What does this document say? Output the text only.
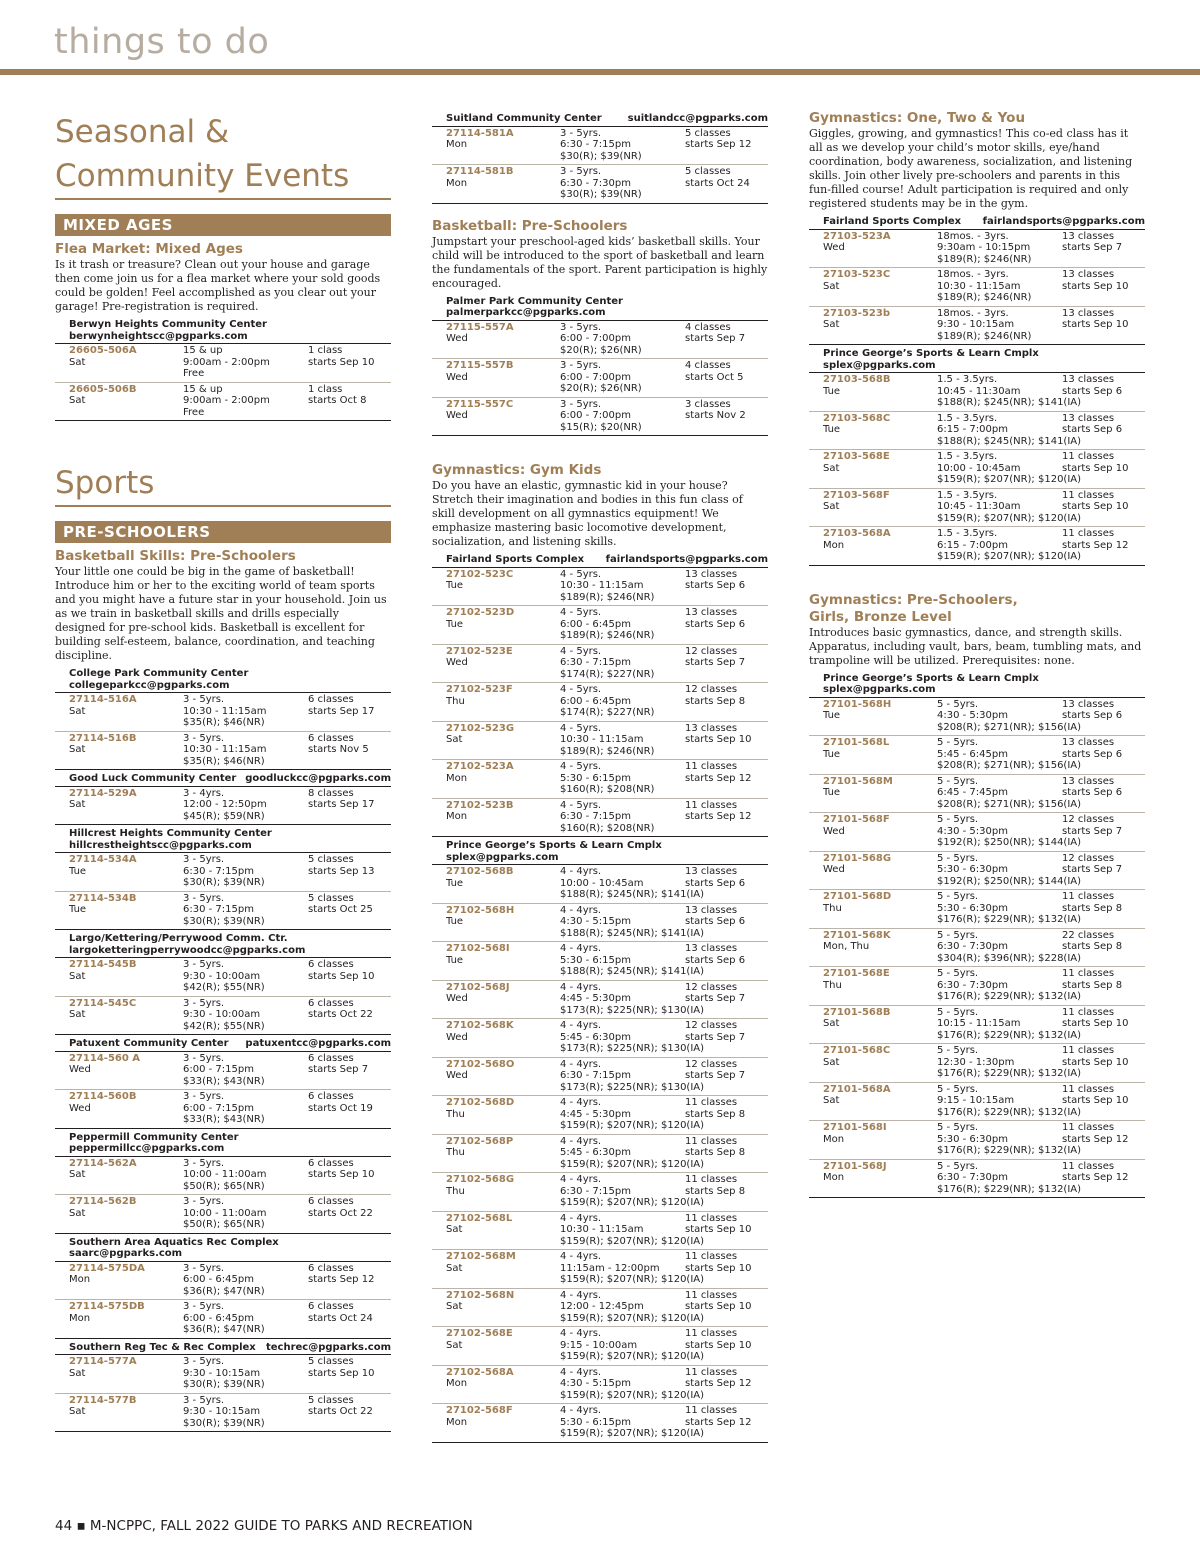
things to do
Seasonal &
Community Events
MIXED AGES
Flea Market: Mixed Ages

Is it trash or treasure? Clean out your house and garage then come join us for a flea market where your sold goods could be golden! Feel accomplished as you clear out your garage! Pre-registration is required.

Berwyn Heights Community Center
berwynheightscc@pgparks.com
26605-506A
Sat
15 & up	1 class
9:00am - 2:00pm	starts Sep 10
Free
26605-506B
Sat
15 & up	1 class
9:00am - 2:00pm	starts Oct 8
Free
Sports
PRE-SCHOOLERS
Basketball Skills: Pre-Schoolers

Your little one could be big in the game of basketball! Introduce him or her to the exciting world of team sports and you might have a future star in your household. Join us as we train in basketball skills and drills especially designed for pre-school kids. Basketball is excellent for building self-esteem, balance, coordination, and teaching discipline.

College Park Community Center
collegeparkcc@pgparks.com
27114-516A
Sat
3 - 5yrs.	6 classes
10:30 - 11:15am	starts Sep 17
$35(R); $46(NR)
27114-516B
Sat
3 - 5yrs.	6 classes
10:30 - 11:15am	starts Nov 5
$35(R); $46(NR)
Good Luck Community Center goodluckcc@pgparks.com
27114-529A
Sat
3 - 4yrs.	8 classes
12:00 - 12:50pm	starts Sep 17
$45(R); $59(NR)
Hillcrest Heights Community Center
hillcrestheightscc@pgparks.com
27114-534A
Tue
3 - 5yrs.	5 classes
6:30 - 7:15pm	starts Sep 13
$30(R); $39(NR)
27114-534B
Tue
3 - 5yrs.	5 classes
6:30 - 7:15pm	starts Oct 25
$30(R); $39(NR)
Largo/Kettering/Perrywood Comm. Ctr.
largoketteringperrywoodcc@pgparks.com
27114-545B
Sat
3 - 5yrs.	6 classes
9:30 - 10:00am	starts Sep 10
$42(R); $55(NR)
27114-545C
Sat
3 - 5yrs.	6 classes
9:30 - 10:00am	starts Oct 22
$42(R); $55(NR)
Patuxent Community Center patuxentcc@pgparks.com
27114-560 A
Wed
3 - 5yrs.	6 classes
6:00 - 7:15pm	starts Sep 7
$33(R); $43(NR)
27114-560B
Wed
3 - 5yrs.	6 classes
6:00 - 7:15pm	starts Oct 19
$33(R); $43(NR)
Peppermill Community Center
peppermillcc@pgparks.com
27114-562A
Sat
3 - 5yrs.	6 classes
10:00 - 11:00am	starts Sep 10
$50(R); $65(NR)
27114-562B
Sat
3 - 5yrs.	6 classes
10:00 - 11:00am	starts Oct 22
$50(R); $65(NR)
Southern Area Aquatics Rec Complex
saarc@pgparks.com
27114-575DA
Mon
3 - 5yrs.	6 classes
6:00 - 6:45pm	starts Sep 12
$36(R); $47(NR)
27114-575DB
Mon
3 - 5yrs.	6 classes
6:00 - 6:45pm	starts Oct 24
$36(R); $47(NR)
Southern Reg Tec & Rec Complex techrec@pgparks.com
27114-577A
Sat
3 - 5yrs.	5 classes
9:30 - 10:15am	starts Sep 10
$30(R); $39(NR)
27114-577B
Sat
3 - 5yrs.	5 classes
9:30 - 10:15am	starts Oct 22
$30(R); $39(NR)
Suitland Community Center	suitlandcc@pgparks.com
27114-581A
Mon
3 - 5yrs.	5 classes
6:30 - 7:15pm	starts Sep 12
$30(R); $39(NR)
27114-581B
Mon
3 - 5yrs.	5 classes
6:30 - 7:30pm	starts Oct 24
$30(R); $39(NR)
Basketball: Pre-Schoolers

Jumpstart your preschool-aged kids’ basketball skills. Your child will be introduced to the sport of basketball and learn the fundamentals of the sport. Parent participation is highly encouraged.

Palmer Park Community Center
palmerparkcc@pgparks.com
27115-557A
Wed
3 - 5yrs.	4 classes
6:00 - 7:00pm	starts Sep 7
$20(R); $26(NR)
27115-557B
Wed
3 - 5yrs.	4 classes
6:00 - 7:00pm	starts Oct 5
$20(R); $26(NR)
27115-557C
Wed
3 - 5yrs.	3 classes
6:00 - 7:00pm	starts Nov 2
$15(R); $20(NR)
Gymnastics: Gym Kids

Do you have an elastic, gymnastic kid in your house? Stretch their imagination and bodies in this fun class of skill development on all gymnastics equipment! We emphasize mastering basic locomotive development, socialization, and listening skills.

Fairland Sports Complex fairlandsports@pgparks.com
27102-523C
Tue
4 - 5yrs.	13 classes
10:30 - 11:15am	starts Sep 6
$189(R); $246(NR)
27102-523D
Tue
4 - 5yrs.	13 classes
6:00 - 6:45pm	starts Sep 6
$189(R); $246(NR)
27102-523E
Wed
4 - 5yrs.	12 classes
6:30 - 7:15pm	starts Sep 7
$174(R); $227(NR)
27102-523F
Thu
4 - 5yrs.	12 classes
6:00 - 6:45pm	starts Sep 8
$174(R); $227(NR)
27102-523G
Sat
4 - 5yrs.	13 classes
10:30 - 11:15am	starts Sep 10
$189(R); $246(NR)
27102-523A
Mon
4 - 5yrs.	11 classes
5:30 - 6:15pm	starts Sep 12
$160(R); $208(NR)
27102-523B
Mon
4 - 5yrs.	11 classes
6:30 - 7:15pm	starts Sep 12
$160(R); $208(NR)
Prince George’s Sports & Learn Cmplx
splex@pgparks.com
27102-568B
Tue
4 - 4yrs.	13 classes
10:00 - 10:45am	starts Sep 6
$188(R); $245(NR); $141(IA)
27102-568H
Tue
4 - 4yrs.	13 classes
4:30 - 5:15pm	starts Sep 6
$188(R); $245(NR); $141(IA)
27102-568I
Tue
4 - 4yrs.	13 classes
5:30 - 6:15pm	starts Sep 6
$188(R); $245(NR); $141(IA)
27102-568J
Wed
4 - 4yrs.	12 classes
4:45 - 5:30pm	starts Sep 7
$173(R); $225(NR); $130(IA)
27102-568K
Wed
4 - 4yrs.	12 classes
5:45 - 6:30pm	starts Sep 7
$173(R); $225(NR); $130(IA)
27102-568O
Wed
4 - 4yrs.	12 classes
6:30 - 7:15pm	starts Sep 7
$173(R); $225(NR); $130(IA)
27102-568D
Thu
4 - 4yrs.	11 classes
4:45 - 5:30pm	starts Sep 8
$159(R); $207(NR); $120(IA)
27102-568P
Thu
4 - 4yrs.	11 classes
5:45 - 6:30pm	starts Sep 8
$159(R); $207(NR); $120(IA)
27102-568G
Thu
4 - 4yrs.	11 classes
6:30 - 7:15pm	starts Sep 8
$159(R); $207(NR); $120(IA)
27102-568L
Sat
4 - 4yrs.	11 classes
10:30 - 11:15am	starts Sep 10
$159(R); $207(NR); $120(IA)
27102-568M
Sat
4 - 4yrs.	11 classes
11:15am - 12:00pm	starts Sep 10
$159(R); $207(NR); $120(IA)
27102-568N
Sat
4 - 4yrs.	11 classes
12:00 - 12:45pm	starts Sep 10
$159(R); $207(NR); $120(IA)
27102-568E
Sat
4 - 4yrs.	11 classes
9:15 - 10:00am	starts Sep 10
$159(R); $207(NR); $120(IA)
27102-568A
Mon
4 - 4yrs.	11 classes
4:30 - 5:15pm	starts Sep 12
$159(R); $207(NR); $120(IA)
27102-568F
Mon
4 - 4yrs.	11 classes
5:30 - 6:15pm	starts Sep 12
$159(R); $207(NR); $120(IA)
Gymnastics: One, Two & You

Giggles, growing, and gymnastics! This co-ed class has it all as we develop your child’s motor skills, eye/hand coordination, body awareness, socialization, and listening skills. Join other lively pre-schoolers and parents in this fun-filled course! Adult participation is required and only registered students may be in the gym.

Fairland Sports Complex fairlandsports@pgparks.com
27103-523A
Wed
18mos. - 3yrs.	13 classes
9:30am - 10:15pm	starts Sep 7
$189(R); $246(NR)
27103-523C
Sat
18mos. - 3yrs.	13 classes
10:30 - 11:15am	starts Sep 10
$189(R); $246(NR)
27103-523b
Sat
18mos. - 3yrs.	13 classes
9:30 - 10:15am	starts Sep 10
$189(R); $246(NR)
Prince George’s Sports & Learn Cmplx
splex@pgparks.com
27103-568B
Tue
1.5 - 3.5yrs.	13 classes
10:45 - 11:30am	starts Sep 6
$188(R); $245(NR); $141(IA)
27103-568C
Tue
1.5 - 3.5yrs.	13 classes
6:15 - 7:00pm	starts Sep 6
$188(R); $245(NR); $141(IA)
27103-568E
Sat
1.5 - 3.5yrs.	11 classes
10:00 - 10:45am	starts Sep 10
$159(R); $207(NR); $120(IA)
27103-568F
Sat
1.5 - 3.5yrs.	11 classes
10:45 - 11:30am	starts Sep 10
$159(R); $207(NR); $120(IA)
27103-568A
Mon
1.5 - 3.5yrs.	11 classes
6:15 - 7:00pm	starts Sep 12
$159(R); $207(NR); $120(IA)
Gymnastics: Pre-Schoolers,
Girls, Bronze Level

Introduces basic gymnastics, dance, and strength skills. Apparatus, including vault, bars, beam, tumbling mats, and trampoline will be utilized. Prerequisites: none.

Prince George’s Sports & Learn Cmplx
splex@pgparks.com
27101-568H
Tue
5 - 5yrs.	13 classes
4:30 - 5:30pm	starts Sep 6
$208(R); $271(NR); $156(IA)
27101-568L
Tue
5 - 5yrs.	13 classes
5:45 - 6:45pm	starts Sep 6
$208(R); $271(NR); $156(IA)
27101-568M
Tue
5 - 5yrs.	13 classes
6:45 - 7:45pm	starts Sep 6
$208(R); $271(NR); $156(IA)
27101-568F
Wed
5 - 5yrs.	12 classes
4:30 - 5:30pm	starts Sep 7
$192(R); $250(NR); $144(IA)
27101-568G
Wed
5 - 5yrs.	12 classes
5:30 - 6:30pm	starts Sep 7
$192(R); $250(NR); $144(IA)
27101-568D
Thu
5 - 5yrs.	11 classes
5:30 - 6:30pm	starts Sep 8
$176(R); $229(NR); $132(IA)
27101-568K
Mon, Thu
5 - 5yrs.	22 classes
6:30 - 7:30pm	starts Sep 8
$304(R); $396(NR); $228(IA)
27101-568E
Thu
5 - 5yrs.	11 classes
6:30 - 7:30pm	starts Sep 8
$176(R); $229(NR); $132(IA)
27101-568B
Sat
5 - 5yrs.	11 classes
10:15 - 11:15am	starts Sep 10
$176(R); $229(NR); $132(IA)
27101-568C
Sat
5 - 5yrs.	11 classes
12:30 - 1:30pm	starts Sep 10
$176(R); $229(NR); $132(IA)
27101-568A
Sat
5 - 5yrs.	11 classes
9:15 - 10:15am	starts Sep 10
$176(R); $229(NR); $132(IA)
27101-568I
Mon
5 - 5yrs.	11 classes
5:30 - 6:30pm	starts Sep 12
$176(R); $229(NR); $132(IA)
27101-568J
Mon
5 - 5yrs.	11 classes
6:30 - 7:30pm	starts Sep 12
$176(R); $229(NR); $132(IA)
44 ▪ M-NCPPC, FALL 2022 GUIDE TO PARKS AND RECREATION
